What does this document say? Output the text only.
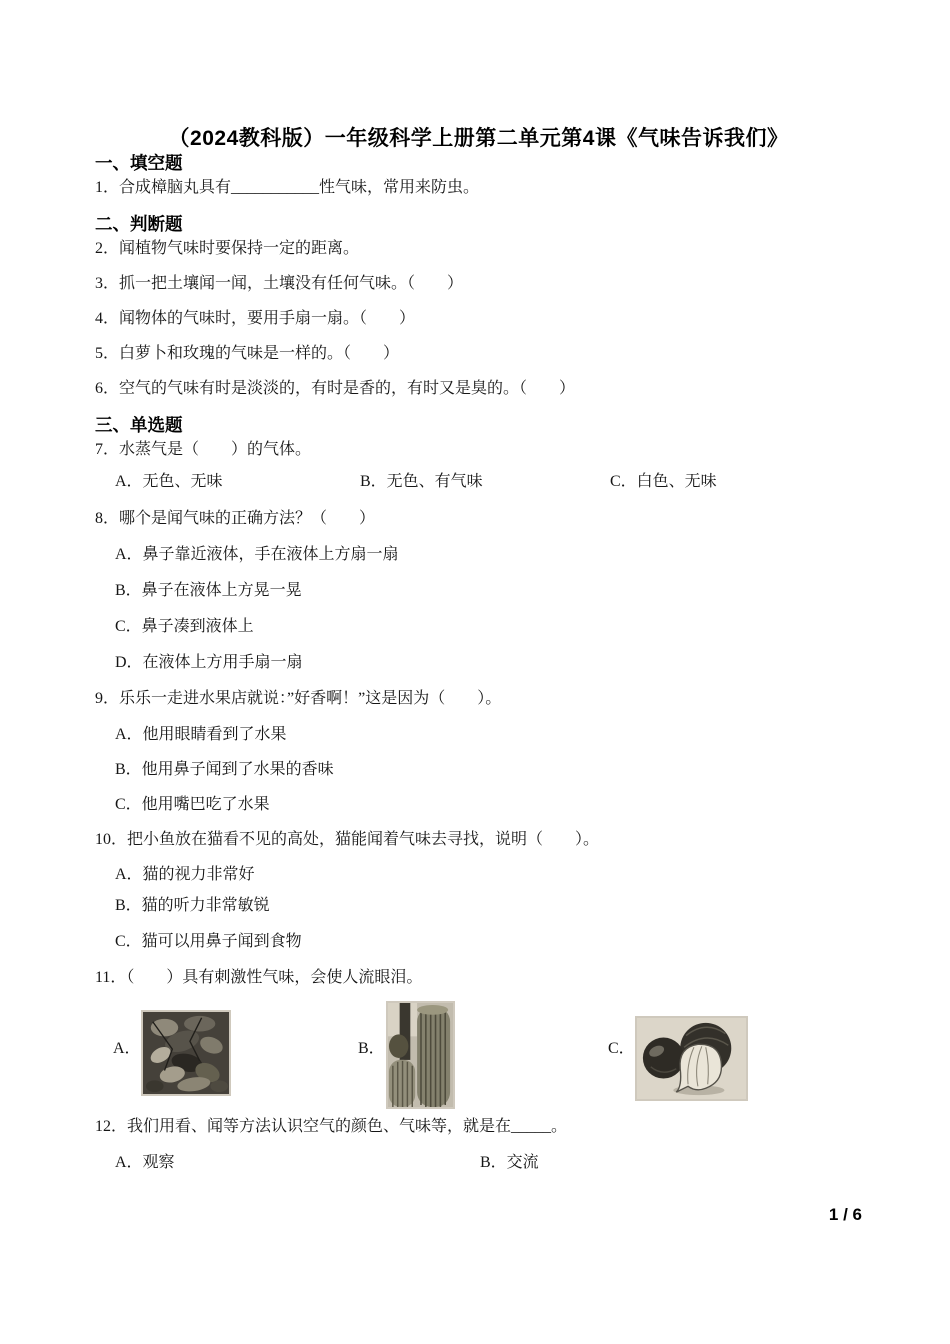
（2024教科版）一年级科学上册第二单元第4课《气味告诉我们》
一、填空题

1．合成樟脑丸具有___________性气味，常用来防虫。

二、判断题

2．闻植物气味时要保持一定的距离。

3．抓一把土壤闻一闻，土壤没有任何气味。（　　）

4．闻物体的气味时，要用手扇一扇。（　　）

5．白萝卜和玫瑰的气味是一样的。（　　）

6．空气的气味有时是淡淡的，有时是香的，有时又是臭的。（　　）

三、单选题

7．水蒸气是（　　）的气体。

A．无色、无味	B．无色、有气味	C．白色、无味

8．哪个是闻气味的正确方法？（　　）

A．鼻子靠近液体，手在液体上方扇一扇

B．鼻子在液体上方晃一晃

C．鼻子凑到液体上

D．在液体上方用手扇一扇

9．乐乐一走进水果店就说：”好香啊！”这是因为（　　）。

A．他用眼睛看到了水果

B．他用鼻子闻到了水果的香味

C．他用嘴巴吃了水果

10．把小鱼放在猫看不见的高处，猫能闻着气味去寻找，说明（　　）。

A．猫的视力非常好

B．猫的听力非常敏锐

C．猫可以用鼻子闻到食物

11．（　　）具有刺激性气味，会使人流眼泪。

A．	B．	C．

12．我们用看、闻等方法认识空气的颜色、气味等，就是在_____。

A．观察	B．交流
1 / 6
